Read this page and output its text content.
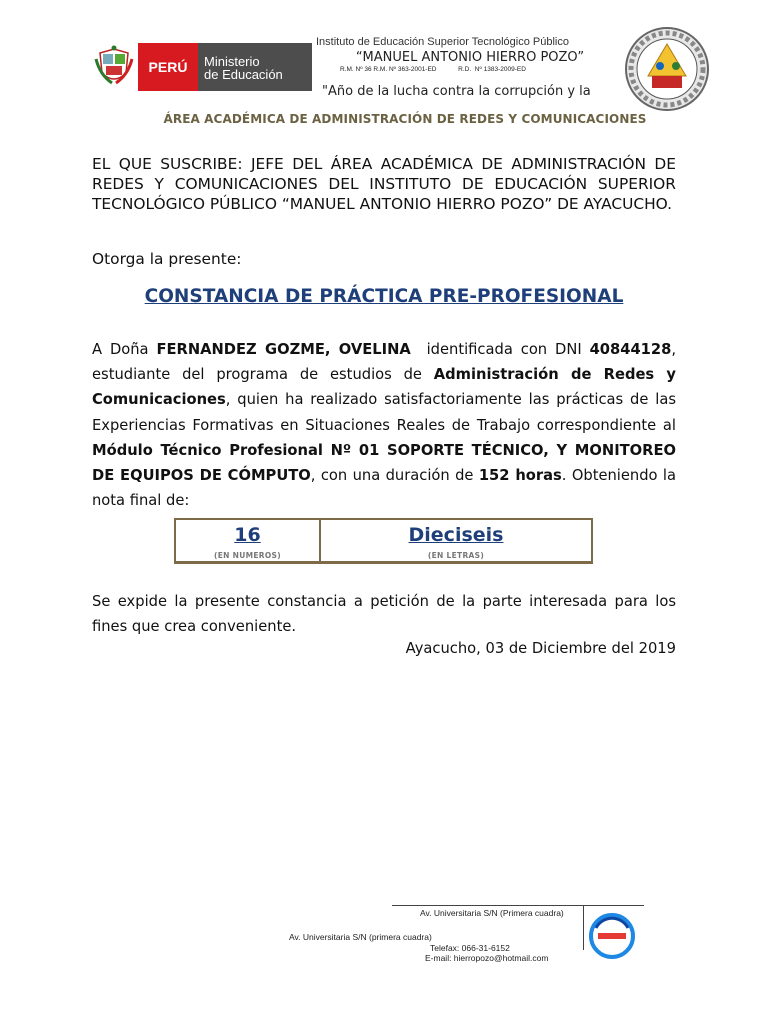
PERÚ	Ministerio
de Educación
Instituto de Educación Superior Tecnológico Público
“MANUEL ANTONIO HIERRO POZO”
R.M. Nº 36 R.M. Nº 363-2001-ED            R.D.  Nº 1383-2009-ED
"Año de la lucha contra la corrupción y la
ÁREA ACADÉMICA DE ADMINISTRACIÓN DE REDES Y COMUNICACIONES
EL QUE SUSCRIBE: JEFE DEL ÁREA ACADÉMICA DE ADMINISTRACIÓN DE REDES Y COMUNICACIONES DEL INSTITUTO DE EDUCACIÓN SUPERIOR TECNOLÓGICO PÚBLICO “MANUEL ANTONIO HIERRO POZO” DE AYACUCHO.
Otorga la presente:
CONSTANCIA DE PRÁCTICA PRE-PROFESIONAL
A Doña FERNANDEZ GOZME, OVELINA  identificada con DNI 40844128, estudiante del programa de estudios de Administración de Redes y Comunicaciones, quien ha realizado satisfactoriamente las prácticas de las Experiencias Formativas en Situaciones Reales de Trabajo correspondiente al Módulo Técnico Profesional Nº 01 SOPORTE TÉCNICO, Y MONITOREO DE EQUIPOS DE CÓMPUTO, con una duración de 152 horas. Obteniendo la nota final de:
16
(EN NUMEROS)
Dieciseis
(EN LETRAS)
Se expide la presente constancia a petición de la parte interesada para los fines que crea conveniente.
Ayacucho, 03 de Diciembre del 2019
Av. Universitaria S/N (Primera cuadra)
Av. Universitaria S/N (primera cuadra)
Telefax: 066-31-6152
E-mail: hierropozo@hotmail.com
